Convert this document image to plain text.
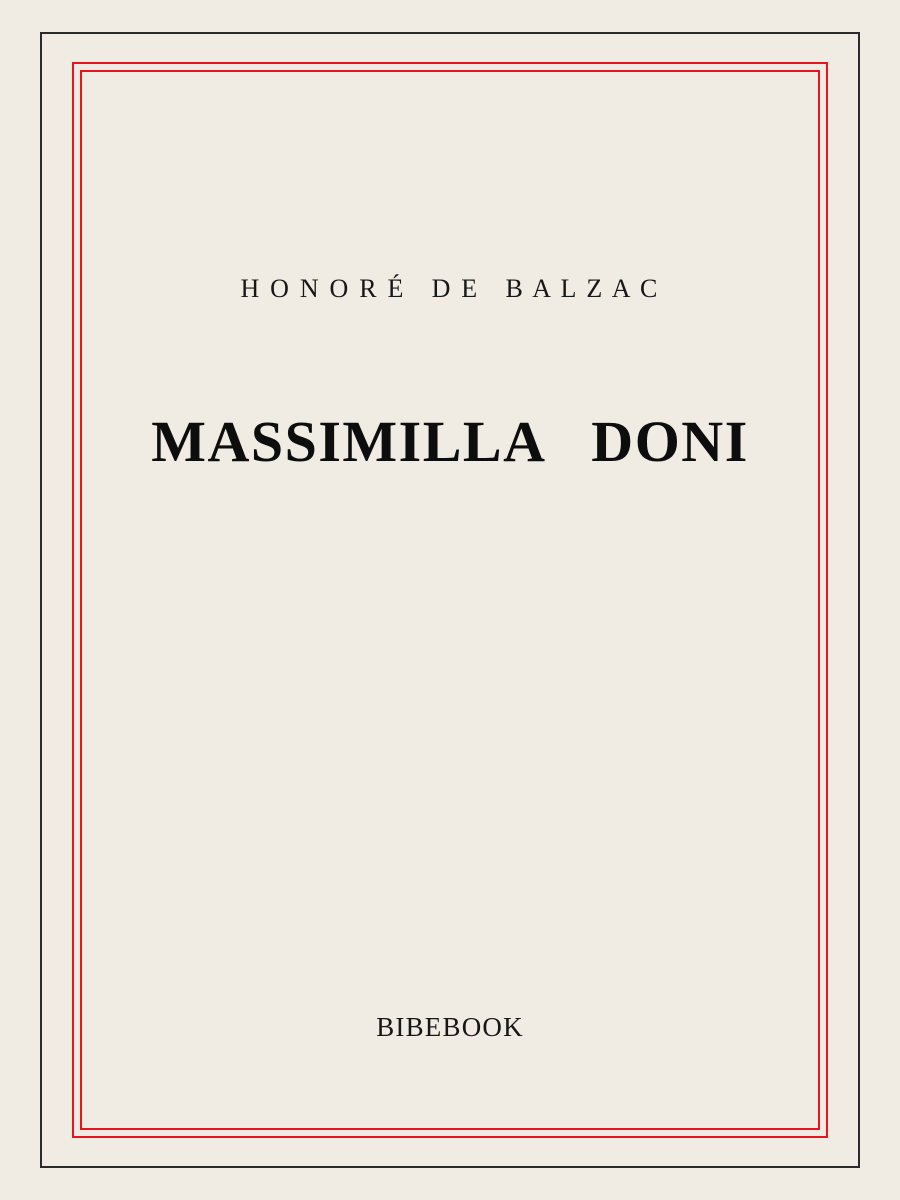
H O N O R É   D E   B A L Z A C
MASSIMILLA   DONI
BIBEBOOK
